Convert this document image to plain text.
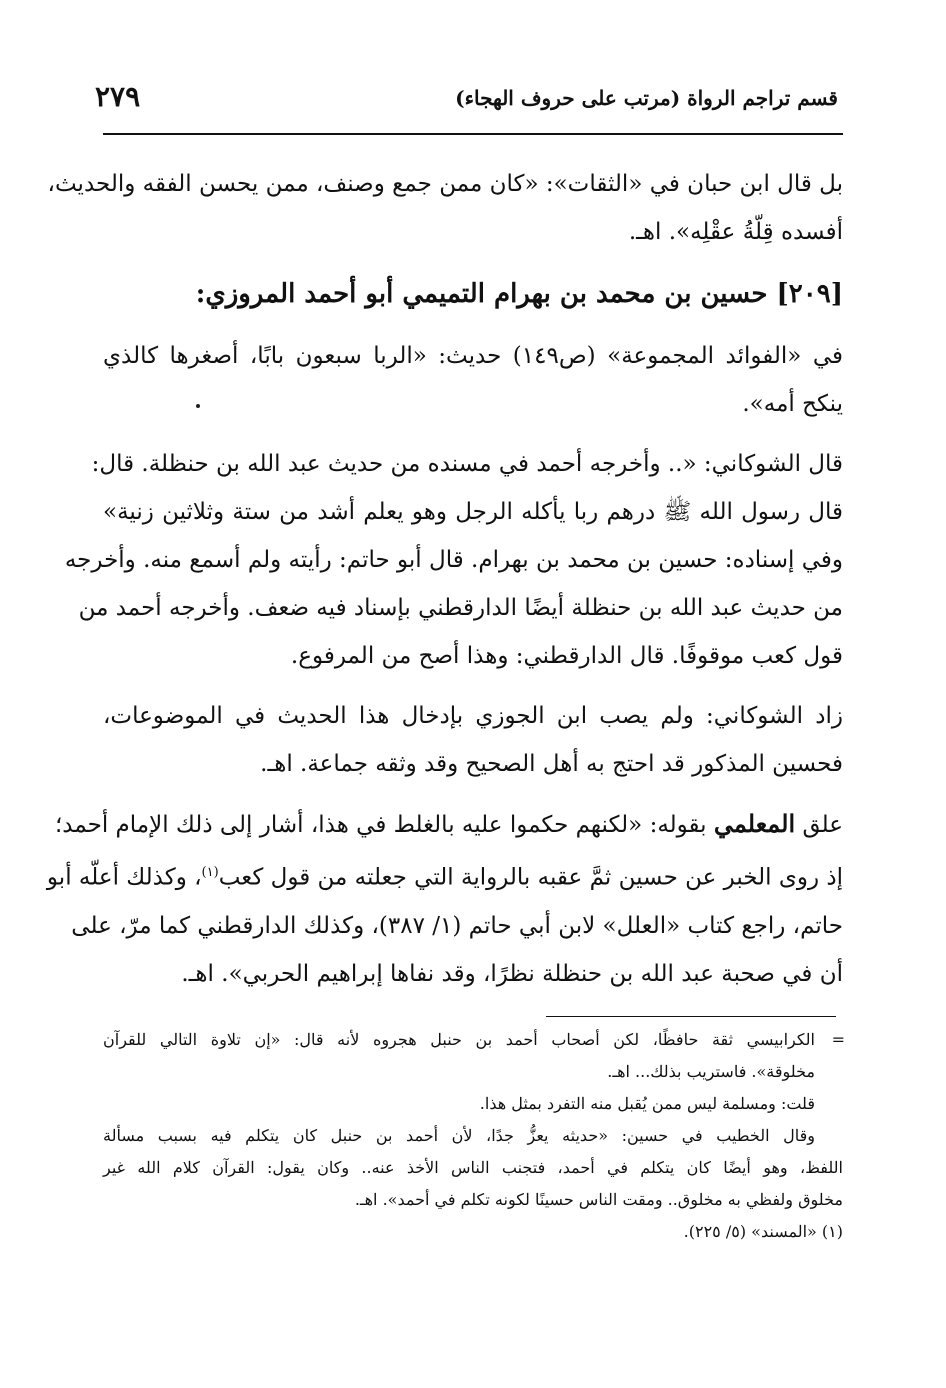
قسم تراجم الرواة (مرتب على حروف الهجاء)
٢٧٩
بل قال ابن حبان في «الثقات»: «كان ممن جمع وصنف، ممن يحسن الفقه والحديث،
أفسده قِلّةُ عقْلِه». اهـ.
[٢٠٩] حسين بن محمد بن بهرام التميمي أبو أحمد المروزي:
في «الفوائد المجموعة» (ص١٤٩) حديث: «الربا سبعون بابًا، أصغرها كالذي
ينكح أمه».
قال الشوكاني: «.. وأخرجه أحمد في مسنده من حديث عبد الله بن حنظلة. قال:
قال رسول الله ﷺ درهم ربا يأكله الرجل وهو يعلم أشد من ستة وثلاثين زنية»
وفي إسناده: حسين بن محمد بن بهرام. قال أبو حاتم: رأيته ولم أسمع منه. وأخرجه
من حديث عبد الله بن حنظلة أيضًا الدارقطني بإسناد فيه ضعف. وأخرجه أحمد من
قول كعب موقوفًا. قال الدارقطني: وهذا أصح من المرفوع.
زاد الشوكاني: ولم يصب ابن الجوزي بإدخال هذا الحديث في الموضوعات،
فحسين المذكور قد احتج به أهل الصحيح وقد وثقه جماعة. اهـ.
علق المعلمي بقوله: «لكنهم حكموا عليه بالغلط في هذا، أشار إلى ذلك الإمام أحمد؛
إذ روى الخبر عن حسين ثمَّ عقبه بالرواية التي جعلته من قول كعب$^{(١)}$، وكذلك أعلّه أبو
حاتم، راجع كتاب «العلل» لابن أبي حاتم (١/ ٣٨٧)، وكذلك الدارقطني كما مرّ، على
أن في صحبة عبد الله بن حنظلة نظرًا، وقد نفاها إبراهيم الحربي». اهـ.
=
الكرابيسي ثقة حافظًا، لكن أصحاب أحمد بن حنبل هجروه لأنه قال: «إن تلاوة التالي للقرآن
مخلوقة». فاستريب بذلك... اهـ.
قلت: ومسلمة ليس ممن يُقبل منه التفرد بمثل هذا.
وقال الخطيب في حسين: «حديثه يعزُّ جدًا، لأن أحمد بن حنبل كان يتكلم فيه بسبب مسألة
اللفظ، وهو أيضًا كان يتكلم في أحمد، فتجنب الناس الأخذ عنه.. وكان يقول: القرآن كلام الله غير
مخلوق ولفظي به مخلوق.. ومقت الناس حسينًا لكونه تكلم في أحمد». اهـ.
(١) «المسند» (٥/ ٢٢٥).
